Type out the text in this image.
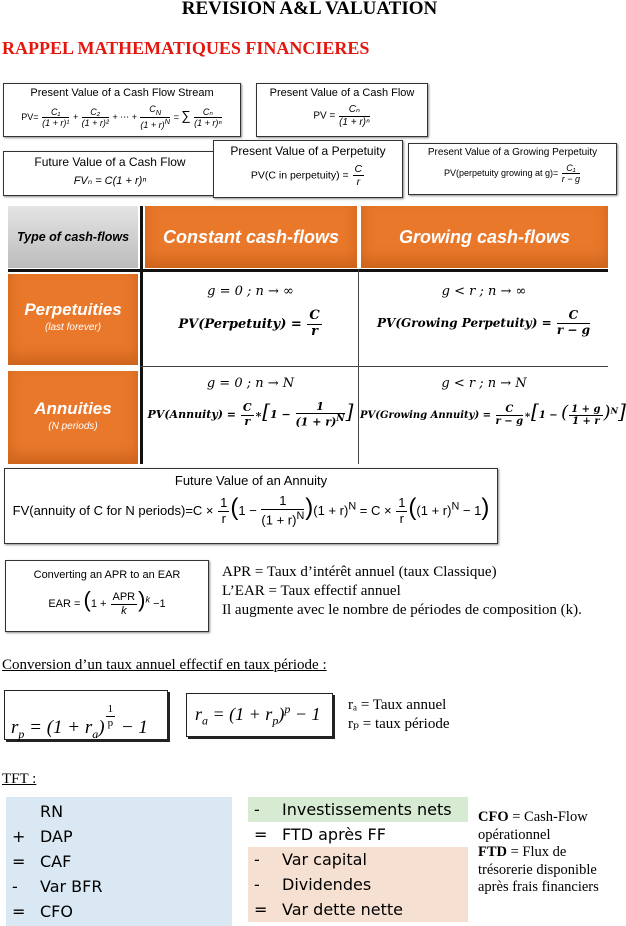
REVISION A&L VALUATION
RAPPEL MATHEMATIQUES FINANCIERES
Present Value of a Cash Flow Stream
$PV= \frac{\text{C₁}}{\text{(1 + r)¹}} + \frac{\text{C₂}}{\text{(1 + r)²}}$ + ⋯ + $\frac{C_N}{(1 + r)^N}$ = ∑ $\frac{\text{Cₙ}}{\text{(1 + r)ⁿ}}$
Present Value of a Cash Flow
PV = $\frac{\text{Cₙ}}{\text{(1 + r)ⁿ}}$
Future Value of a Cash Flow
FVₙ = C(1 + r)ⁿ
Present Value of a Perpetuity
PV(C in perpetuity) = $\frac{C}{r}$
Present Value of a Growing Perpetuity
PV(perpetuity growing at $g)= \frac{\text{C₁}}{r - g}$
Type of cash-flows	Constant cash-flows	Growing cash-flows
Perpetuities
(last forever)
Annuities
(N periods)
g = 0 ; n → ∞
PV(Perpetuity) = $\frac{C}{r}$
g < r ; n → ∞
PV(Growing Perpetuity) = $\frac{C}{r - g}$
g = 0 ; n → N
PV(Annuity) = $\frac{C}{r}$ ∗[1 − $\frac{1}{(1 + r)^N}$ ]
g < r ; n → N
PV(Growing Annuity) = $\frac{C}{r - g}$ ∗[1 − ( $\frac{1 + g}{1 + r} )^N$]
Future Value of an Annuity
FV(annuity of C for N periods)=C × $\frac{1}{r} (1 - \frac{1}{(1 + r)^N} )(1 + r)^N = C \times \frac{1}{r} ((1 + r)^N - 1)$
Converting an APR to an EAR
EAR = $(1 + \frac{\text{APR}}{k} )^k -1$
APR = Taux d’intérêt annuel (taux Classique)
L’EAR = Taux effectif annuel
Il augmente avec le nombre de périodes de composition (k).
Conversion d’un taux annuel effectif en taux période :
$r_p = (1 + r_a) ^{\frac{1}{p}} - 1$
$r_a = (1 + r_p)^p - 1$ rₐ = Taux annuel
rₚ = taux période
TFT :
RN
+ DAP
= CAF
- Var BFR
= CFO
- Investissements nets
= FTD après FF
- Var capital
- Dividendes
= Var dette nette
CFO = Cash-Flow opérationnel
FTD = Flux de trésorerie disponible après frais financiers
